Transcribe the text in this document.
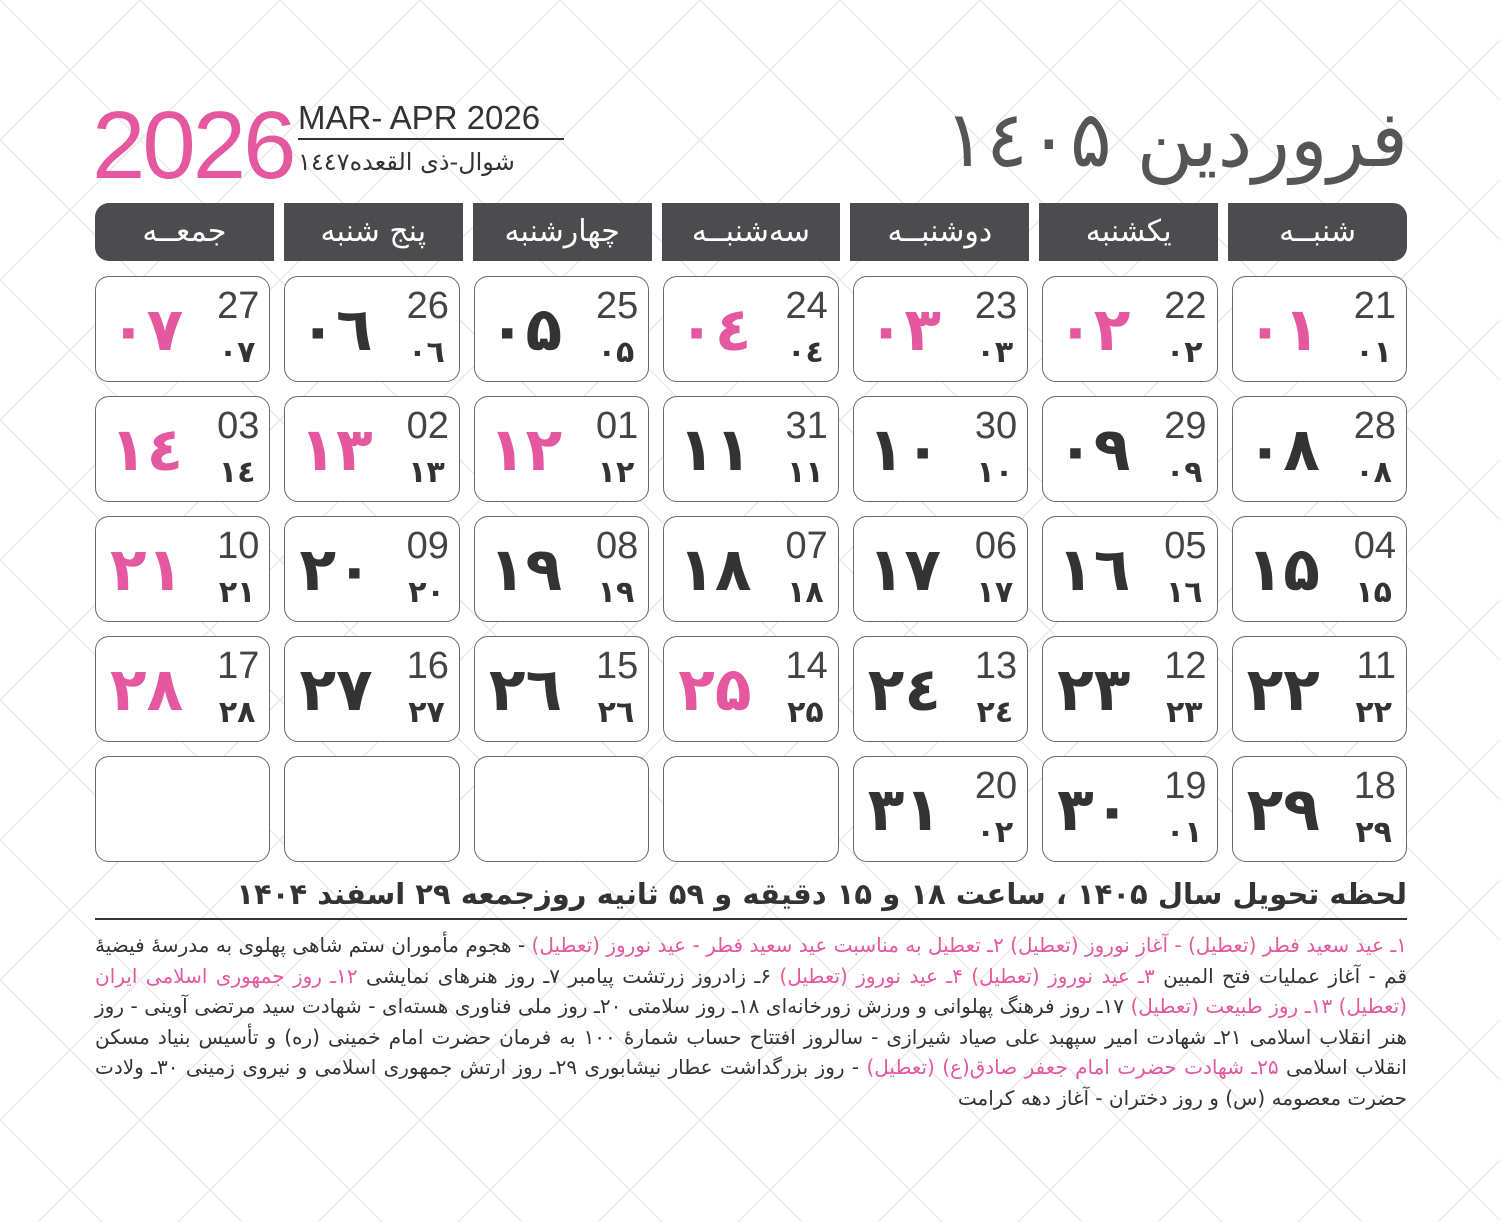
2026 MAR- APR 2026
شوال-ذی القعده۱٤٤۷	فروردین ۱٤۰۵
شنبــه
یکشنبه
دوشنبــه
سه‌شنبــه
چهارشنبه
پنج شنبه
جمعــه
۰۱ 21
۰۱
۰۲ 22
۰۲
۰۳ 23
۰۳
۰٤ 24
۰٤
۰۵ 25
۰۵
۰٦ 26
۰٦
۰۷ 27
۰۷
۰۸ 28
۰۸
۰۹ 29
۰۹
۱۰ 30
۱۰
۱۱ 31
۱۱
۱۲ 01
۱۲
۱۳ 02
۱۳
۱٤ 03
۱٤
۱۵ 04
۱۵
۱٦ 05
۱٦
۱۷ 06
۱۷
۱۸ 07
۱۸
۱۹ 08
۱۹
۲۰ 09
۲۰
۲۱ 10
۲۱
۲۲ 11
۲۲
۲۳ 12
۲۳
۲٤ 13
۲٤
۲۵ 14
۲۵
۲٦ 15
۲٦
۲۷ 16
۲۷
۲۸ 17
۲۸
۲۹ 18
۲۹
۳۰ 19
۰۱
۳۱ 20
۰۲
لحظه تحویل سال ۱۴۰۵ ، ساعت ۱۸ و ۱۵ دقیقه و ۵۹ ثانیه روزجمعه ۲۹ اسفند ۱۴۰۴
۱ـ عید سعید فطر (تعطیل) - آغاز نوروز (تعطیل) ۲ـ تعطیل به مناسبت عید سعید فطر - عید نوروز (تعطیل) - هجوم مأموران ستم شاهی پهلوی به مدرسهٔ فیضیهٔ قم - آغاز عملیات فتح المبین ۳ـ عید نوروز (تعطیل) ۴ـ عید نوروز (تعطیل) ۶ـ زادروز زرتشت پیامبر ۷ـ روز هنرهای نمایشی ۱۲ـ روز جمهوری اسلامی ایران (تعطیل) ۱۳ـ روز طبیعت (تعطیل) ۱۷ـ روز فرهنگ پهلوانی و ورزش زورخانه‌ای ۱۸ـ روز سلامتی ۲۰ـ روز ملی فناوری هسته‌ای - شهادت سید مرتضی آوینی - روز هنر انقلاب اسلامی ۲۱ـ شهادت امیر سپهبد علی صیاد شیرازی - سالروز افتتاح حساب شمارهٔ ۱۰۰ به فرمان حضرت امام خمینی (ره) و تأسیس بنیاد مسکن انقلاب اسلامی ۲۵ـ شهادت حضرت امام جعفر صادق(ع) (تعطیل) - روز بزرگداشت عطار نیشابوری ۲۹ـ روز ارتش جمهوری اسلامی و نیروی زمینی ۳۰ـ ولادت حضرت معصومه (س) و روز دختران - آغاز دهه کرامت
